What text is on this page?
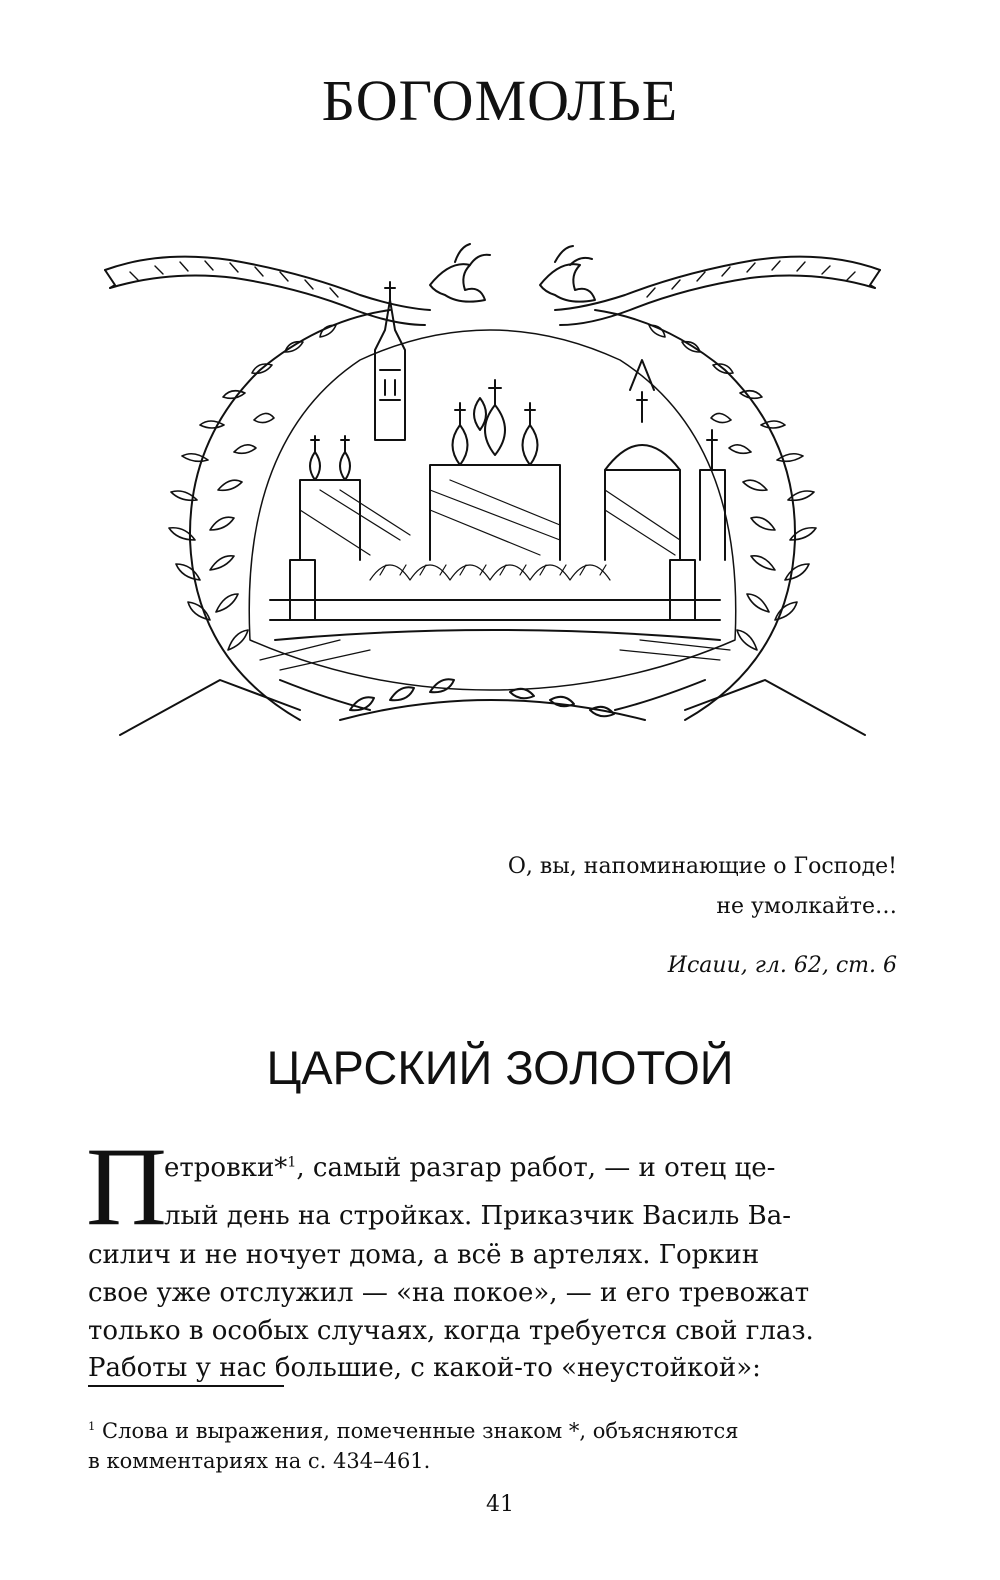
БОГОМОЛЬЕ
О, вы, напоминающие о Господе!
не умолкайте…
Исаии, гл. 62, ст. 6
ЦАРСКИЙ ЗОЛОТОЙ
П
етровки*$^1$, самый разгар работ, — и отец це-
лый день на стройках. Приказчик Василь Ва-
силич и не ночует дома, а всё в артелях. Горкин
свое уже отслужил — «на покое», — и его тревожат
только в особых случаях, когда требуется свой глаз.
Работы у нас большие, с какой-то «неустойкой»:
$^1$ Слова и выражения, помеченные знаком *, объясняются
в комментариях на с. 434–461.
41
